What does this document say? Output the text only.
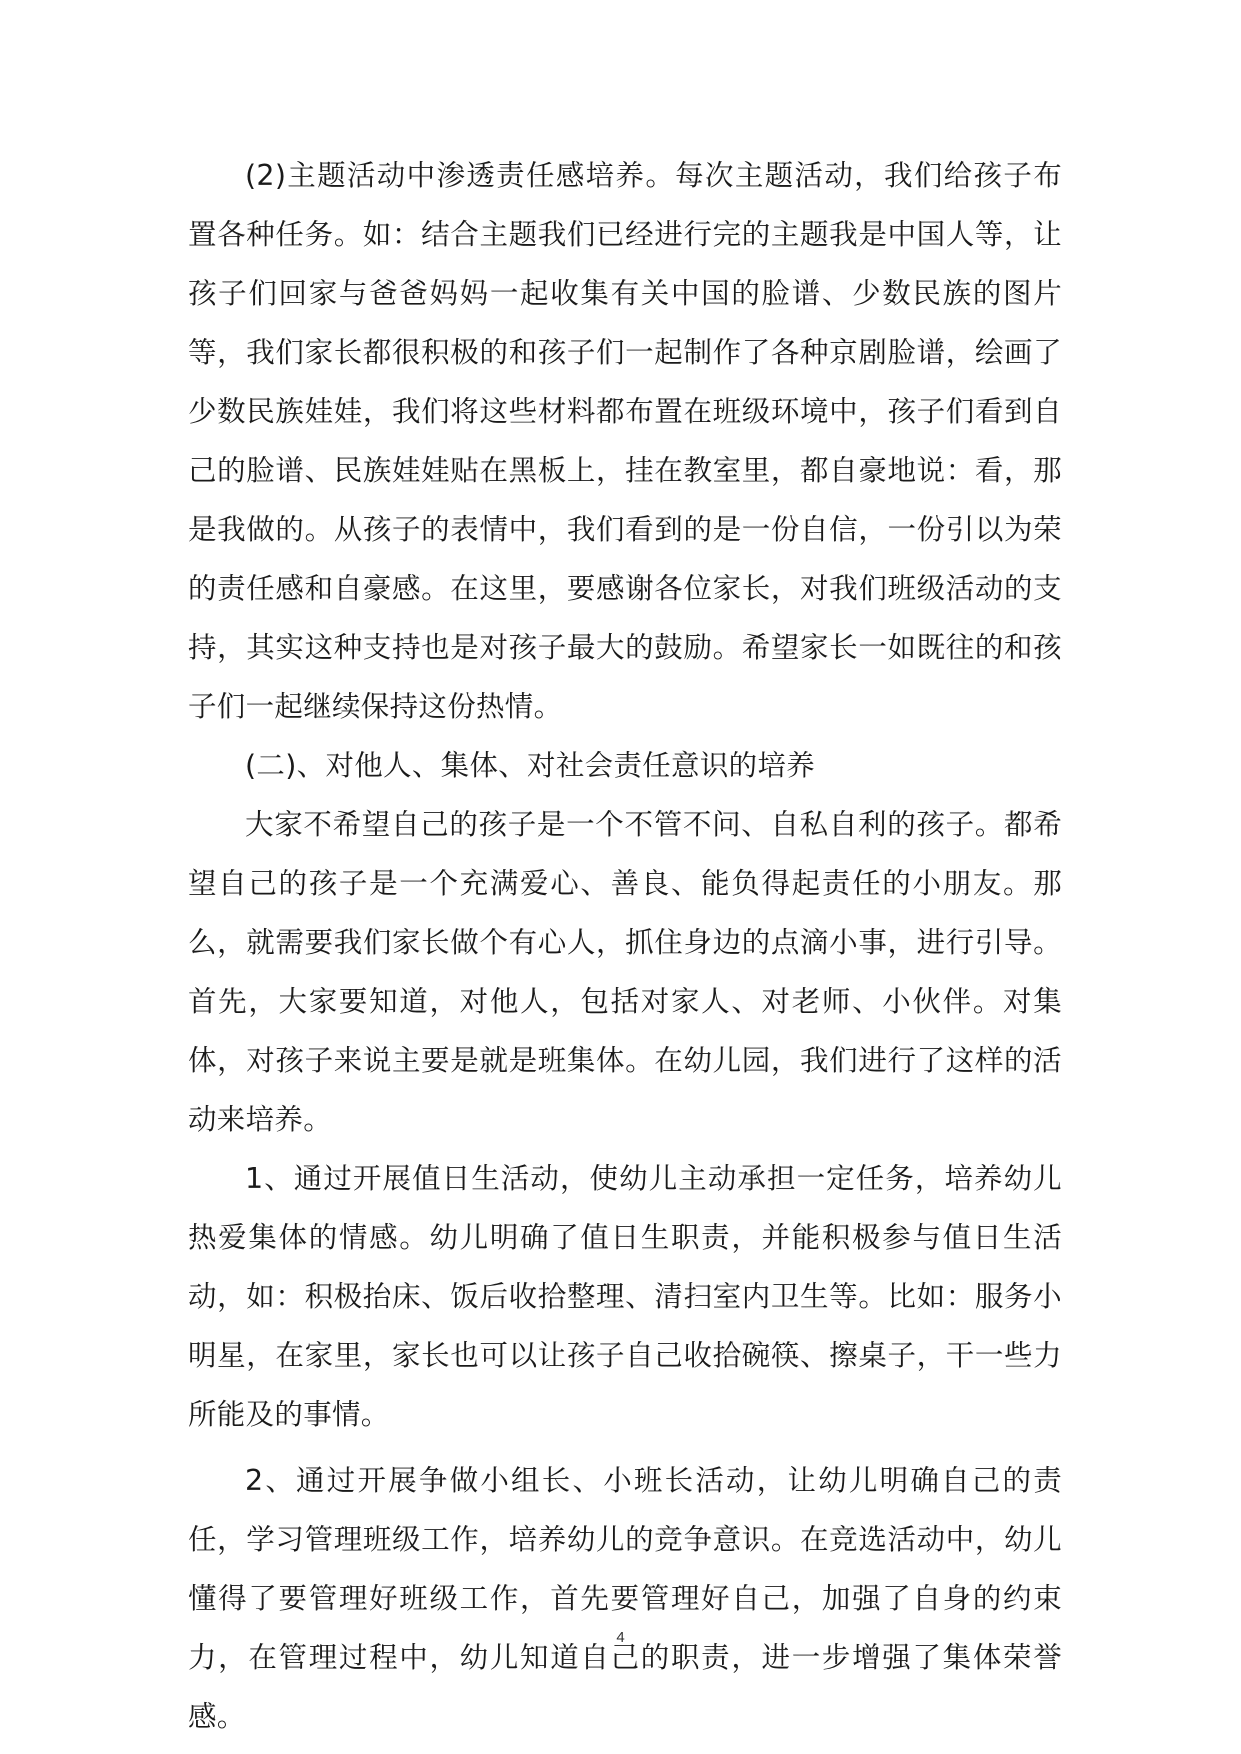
(2)主题活动中渗透责任感培养。每次主题活动，我们给孩子布置各种任务。如：结合主题我们已经进行完的主题我是中国人等，让孩子们回家与爸爸妈妈一起收集有关中国的脸谱、少数民族的图片等，我们家长都很积极的和孩子们一起制作了各种京剧脸谱，绘画了少数民族娃娃，我们将这些材料都布置在班级环境中，孩子们看到自己的脸谱、民族娃娃贴在黑板上，挂在教室里，都自豪地说：看，那是我做的。从孩子的表情中，我们看到的是一份自信，一份引以为荣的责任感和自豪感。在这里，要感谢各位家长，对我们班级活动的支持，其实这种支持也是对孩子最大的鼓励。希望家长一如既往的和孩子们一起继续保持这份热情。

(二)、对他人、集体、对社会责任意识的培养

大家不希望自己的孩子是一个不管不问、自私自利的孩子。都希望自己的孩子是一个充满爱心、善良、能负得起责任的小朋友。那么，就需要我们家长做个有心人，抓住身边的点滴小事，进行引导。首先，大家要知道，对他人，包括对家人、对老师、小伙伴。对集体，对孩子来说主要是就是班集体。在幼儿园，我们进行了这样的活动来培养。

1、通过开展值日生活动，使幼儿主动承担一定任务，培养幼儿热爱集体的情感。幼儿明确了值日生职责，并能积极参与值日生活动，如：积极抬床、饭后收拾整理、清扫室内卫生等。比如：服务小明星，在家里，家长也可以让孩子自己收拾碗筷、擦桌子，干一些力所能及的事情。

2、通过开展争做小组长、小班长活动，让幼儿明确自己的责任，学习管理班级工作，培养幼儿的竞争意识。在竞选活动中，幼儿懂得了要管理好班级工作，首先要管理好自己，加强了自身的约束力，在管理过程中，幼儿知道自己的职责，进一步增强了集体荣誉感。

4
